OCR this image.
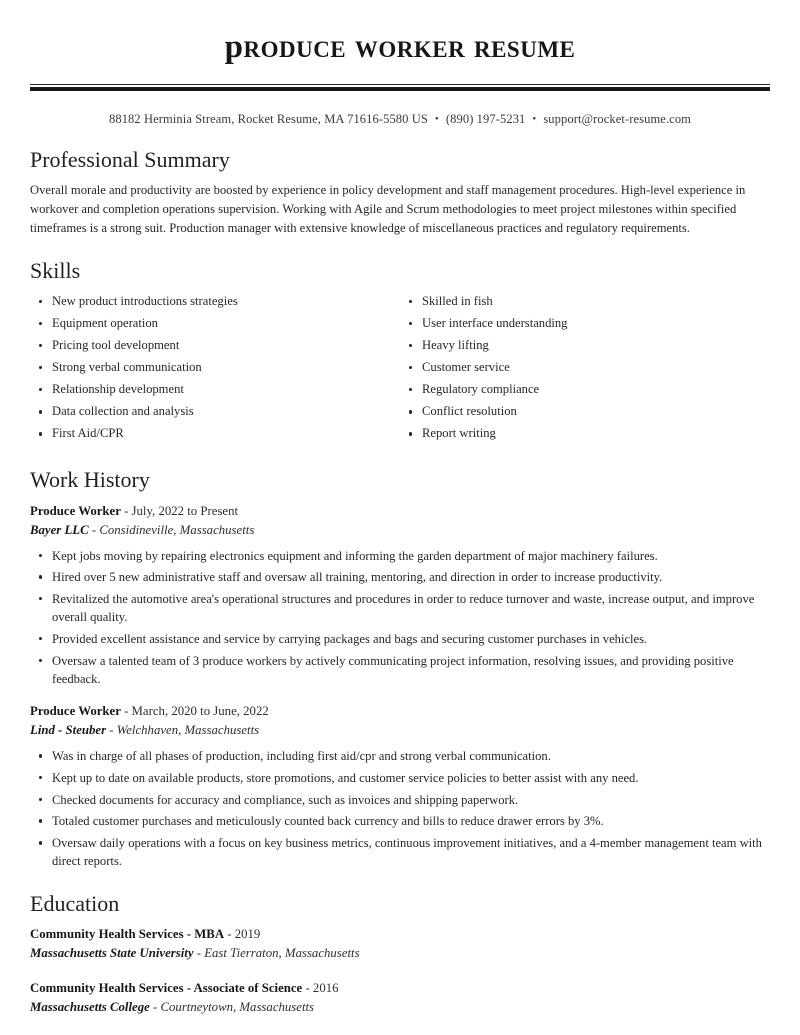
produce worker resume
88182 Herminia Stream, Rocket Resume, MA 71616-5580 US • (890) 197-5231 • support@rocket-resume.com
Professional Summary

Overall morale and productivity are boosted by experience in policy development and staff management procedures. High-level experience in workover and completion operations supervision. Working with Agile and Scrum methodologies to meet project milestones within specified timeframes is a strong suit. Production manager with extensive knowledge of miscellaneous practices and regulatory requirements.

Skills
New product introductions strategies
Equipment operation
Pricing tool development
Strong verbal communication
Relationship development
Data collection and analysis
First Aid/CPR
Skilled in fish
User interface understanding
Heavy lifting
Customer service
Regulatory compliance
Conflict resolution
Report writing
Work History
Produce Worker - July, 2022 to Present
Bayer LLC - Considineville, Massachusetts
Kept jobs moving by repairing electronics equipment and informing the garden department of major machinery failures.
Hired over 5 new administrative staff and oversaw all training, mentoring, and direction in order to increase productivity.
Revitalized the automotive area's operational structures and procedures in order to reduce turnover and waste, increase output, and improve overall quality.
Provided excellent assistance and service by carrying packages and bags and securing customer purchases in vehicles.
Oversaw a talented team of 3 produce workers by actively communicating project information, resolving issues, and providing positive feedback.
Produce Worker - March, 2020 to June, 2022
Lind - Steuber - Welchhaven, Massachusetts
Was in charge of all phases of production, including first aid/cpr and strong verbal communication.
Kept up to date on available products, store promotions, and customer service policies to better assist with any need.
Checked documents for accuracy and compliance, such as invoices and shipping paperwork.
Totaled customer purchases and meticulously counted back currency and bills to reduce drawer errors by 3%.
Oversaw daily operations with a focus on key business metrics, continuous improvement initiatives, and a 4-member management team with direct reports.
Education
Community Health Services - MBA - 2019
Massachusetts State University - East Tierraton, Massachusetts
Community Health Services - Associate of Science - 2016
Massachusetts College - Courtneytown, Massachusetts
